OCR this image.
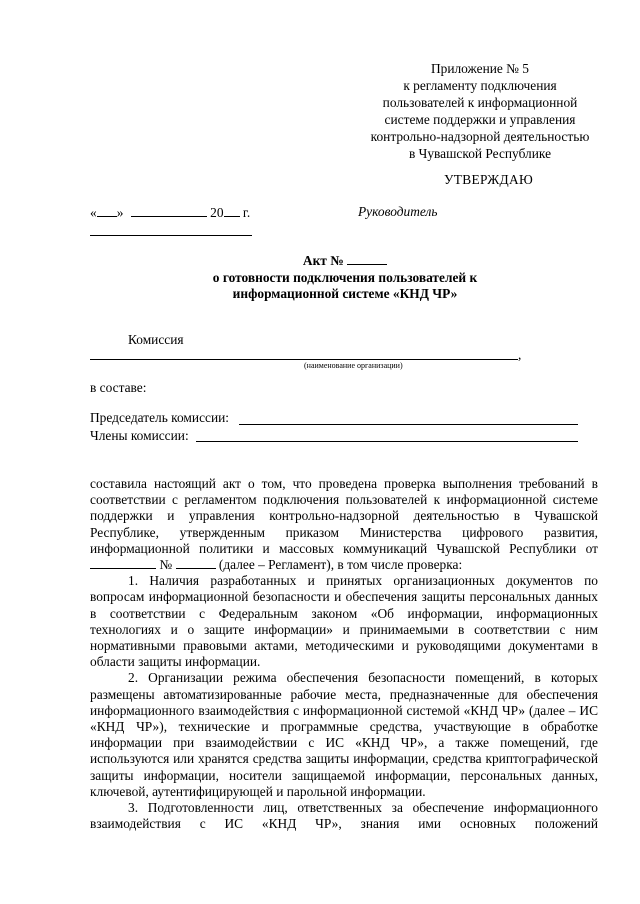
Приложение № 5
к регламенту подключения
пользователей к информационной
системе поддержки и управления
контрольно-надзорной деятельностью
в Чувашской Республике
УТВЕРЖДАЮ
« »	20 г.	Руководитель
Акт №
о готовности подключения пользователей к
информационной системе «КНД ЧР»
Комиссия
,
(наименование организации)
в составе:
Председатель комиссии:
Члены комиссии:

составила настоящий акт о том, что проведена проверка выполнения требований в соответствии с регламентом подключения пользователей к информационной системе поддержки и управления контрольно-надзорной деятельностью в Чувашской Республике, утвержденным приказом Министерства цифрового развития, информационной политики и массовых коммуникаций Чувашской Республики от  №	(далее – Регламент), в том числе проверка:

1. Наличия разработанных и принятых организационных документов по вопросам информационной безопасности и обеспечения защиты персональных данных в соответствии с Федеральным законом «Об информации, информационных технологиях и о защите информации» и принимаемыми в соответствии с ним нормативными правовыми актами, методическими и руководящими документами в области защиты информации.

2. Организации режима обеспечения безопасности помещений, в которых размещены автоматизированные рабочие места, предназначенные для обеспечения информационного взаимодействия с информационной системой «КНД ЧР» (далее – ИС «КНД ЧР»), технические и программные средства, участвующие в обработке информации при взаимодействии с ИС «КНД ЧР», а также помещений, где используются или хранятся средства защиты информации, средства криптографической защиты информации, носители защищаемой информации, персональных данных, ключевой, аутентифицирующей и парольной информации.

3. Подготовленности лиц, ответственных за обеспечение информационного взаимодействия с ИС «КНД ЧР», знания ими основных положений
